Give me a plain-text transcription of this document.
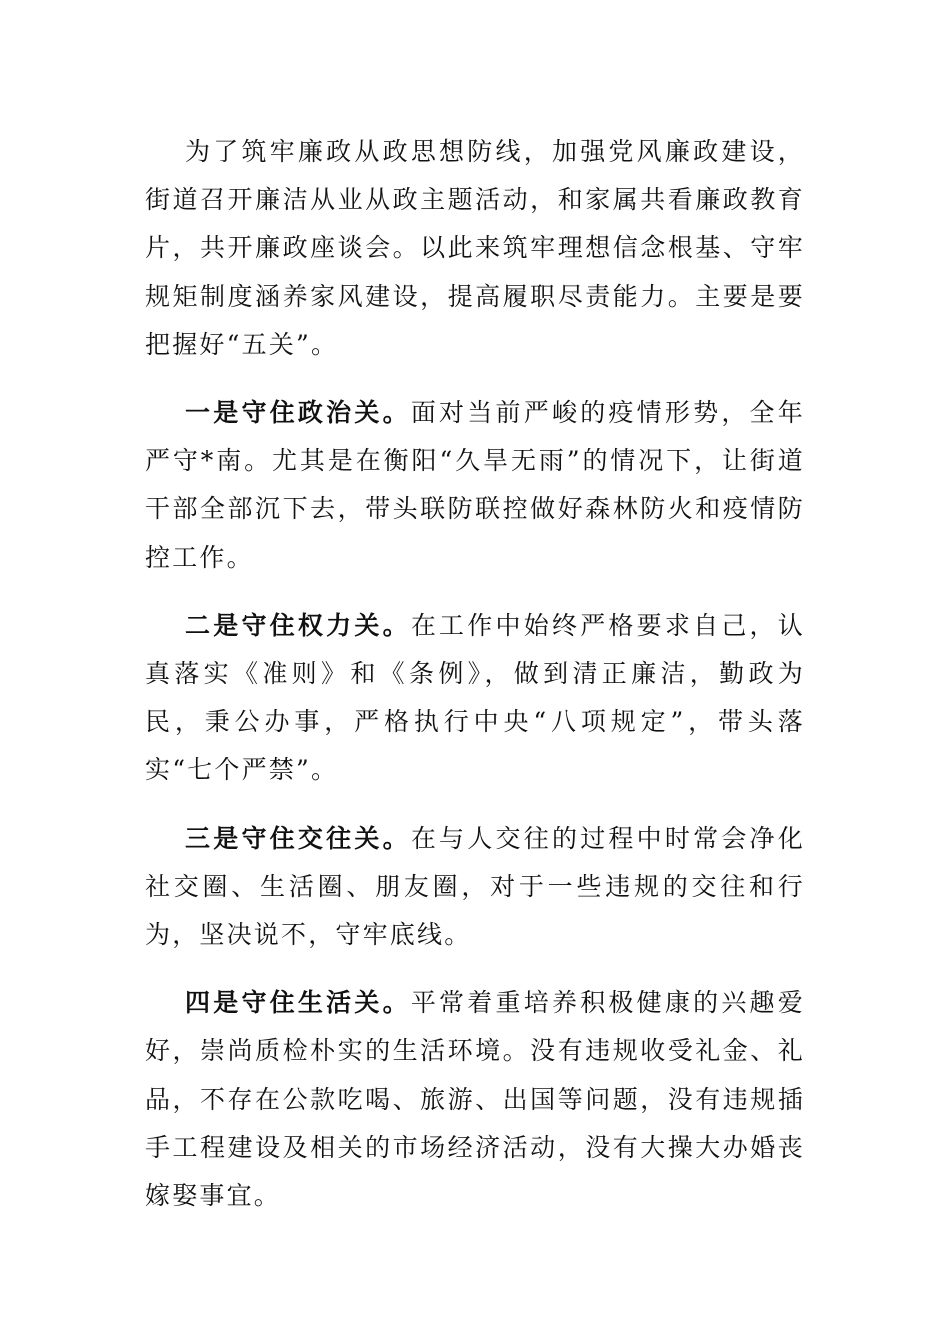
为了筑牢廉政从政思想防线，加强党风廉政建设，街道召开廉洁从业从政主题活动，和家属共看廉政教育片，共开廉政座谈会。以此来筑牢理想信念根基、守牢规矩制度涵养家风建设，提高履职尽责能力。主要是要把握好“五关”。

一是守住政治关。面对当前严峻的疫情形势，全年严守*南。尤其是在衡阳“久旱无雨”的情况下，让街道干部全部沉下去，带头联防联控做好森林防火和疫情防控工作。

二是守住权力关。在工作中始终严格要求自己，认真落实《准则》和《条例》，做到清正廉洁，勤政为民，秉公办事，严格执行中央“八项规定”，带头落实“七个严禁”。

三是守住交往关。在与人交往的过程中时常会净化社交圈、生活圈、朋友圈，对于一些违规的交往和行为，坚决说不，守牢底线。

四是守住生活关。平常着重培养积极健康的兴趣爱好，崇尚质检朴实的生活环境。没有违规收受礼金、礼品，不存在公款吃喝、旅游、出国等问题，没有违规插手工程建设及相关的市场经济活动，没有大操大办婚丧嫁娶事宜。
